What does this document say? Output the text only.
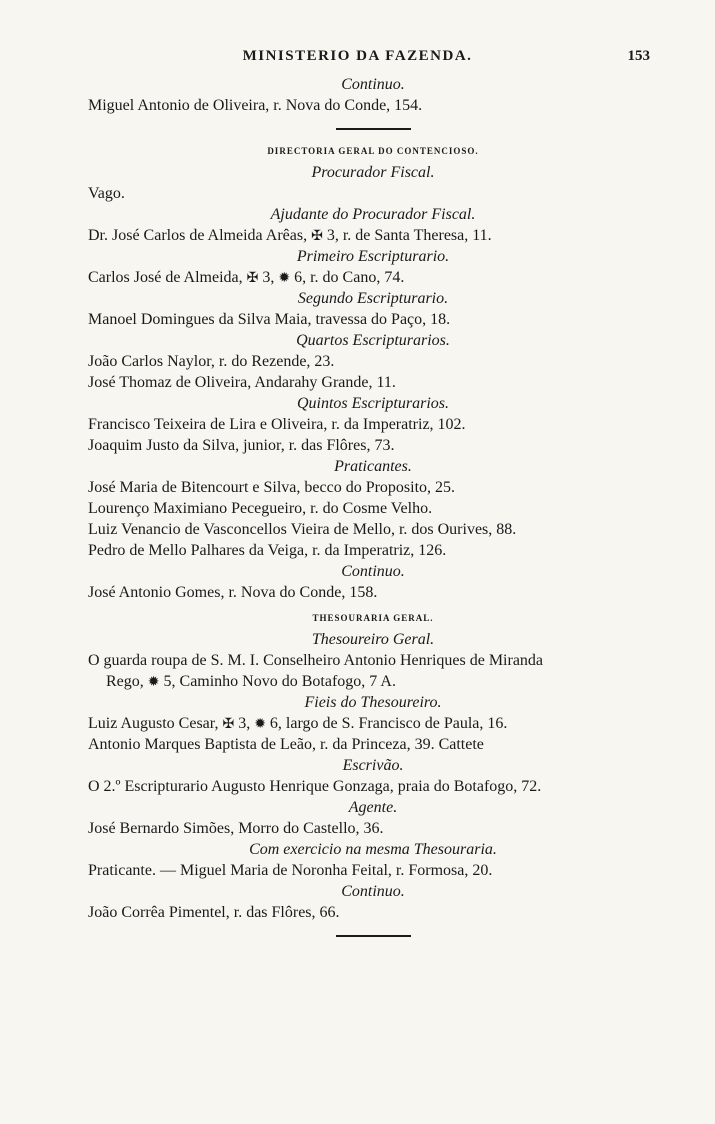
MINISTERIO DA FAZENDA.	153
Continuo.
Miguel Antonio de Oliveira, r. Nova do Conde, 154.
DIRECTORIA GERAL DO CONTENCIOSO.
Procurador Fiscal.
Vago.
Ajudante do Procurador Fiscal.
Dr. José Carlos de Almeida Arêas, ✠ 3, r. de Santa Theresa, 11.
Primeiro Escripturario.
Carlos José de Almeida, ✠ 3, ✹ 6, r. do Cano, 74.
Segundo Escripturario.
Manoel Domingues da Silva Maia, travessa do Paço, 18.
Quartos Escripturarios.
João Carlos Naylor, r. do Rezende, 23.
José Thomaz de Oliveira, Andarahy Grande, 11.
Quintos Escripturarios.
Francisco Teixeira de Lira e Oliveira, r. da Imperatriz, 102.
Joaquim Justo da Silva, junior, r. das Flôres, 73.
Praticantes.
José Maria de Bitencourt e Silva, becco do Proposito, 25.
Lourenço Maximiano Pecegueiro, r. do Cosme Velho.
Luiz Venancio de Vasconcellos Vieira de Mello, r. dos Ourives, 88.
Pedro de Mello Palhares da Veiga, r. da Imperatriz, 126.
Continuo.
José Antonio Gomes, r. Nova do Conde, 158.
THESOURARIA GERAL.
Thesoureiro Geral.
O guarda roupa de S. M. I. Conselheiro Antonio Henriques de Miranda
Rego, ✹ 5, Caminho Novo do Botafogo, 7 A.
Fieis do Thesoureiro.
Luiz Augusto Cesar, ✠ 3, ✹ 6, largo de S. Francisco de Paula, 16.
Antonio Marques Baptista de Leão, r. da Princeza, 39. Cattete
Escrivão.
O 2.º Escripturario Augusto Henrique Gonzaga, praia do Botafogo, 72.
Agente.
José Bernardo Simões, Morro do Castello, 36.
Com exercicio na mesma Thesouraria.
Praticante. — Miguel Maria de Noronha Feital, r. Formosa, 20.
Continuo.
João Corrêa Pimentel, r. das Flôres, 66.
